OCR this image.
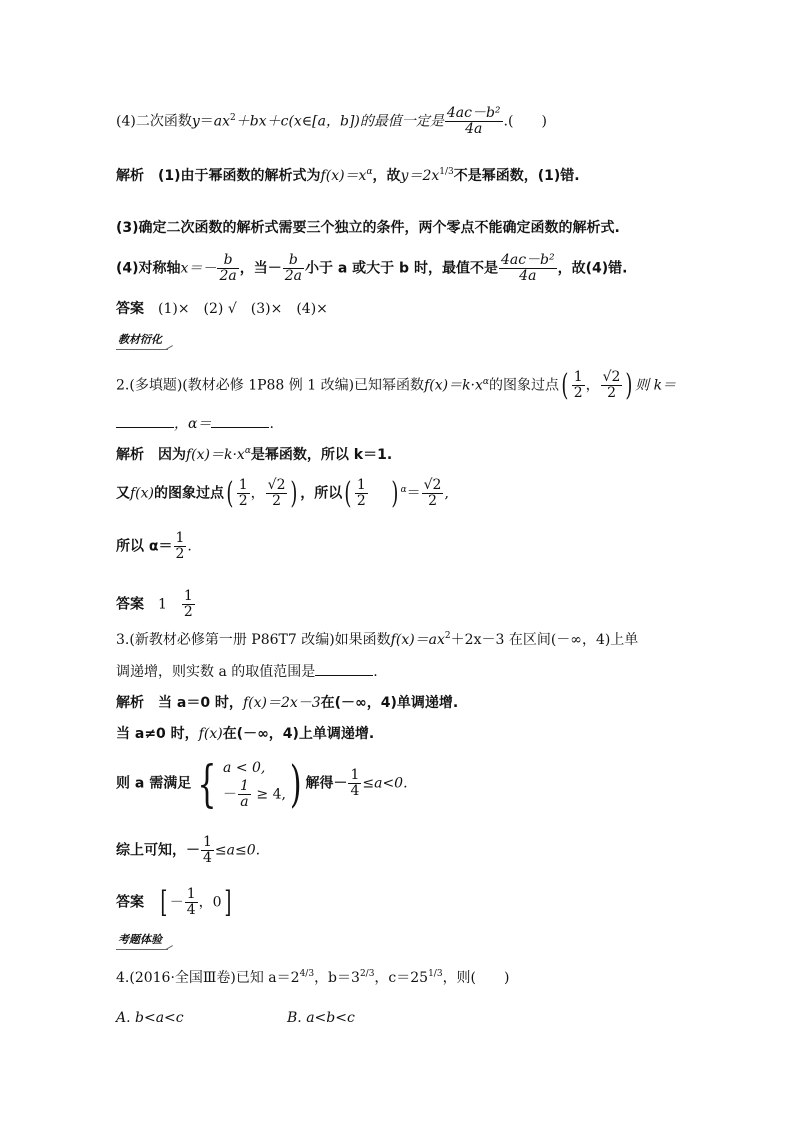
(4)二次函数$y=ax^2+bx+c(x\in[a$，b])的最值一定是 $\frac{\text{4ac－b²}}{4a}$ .(　　)
解析　 (1)由于幂函数的解析式为$f(x)=x^\alpha$，故$y=2x^{1/3}$不是幂函数，(1)错.
(3)确定二次函数的解析式需要三个独立的条件，两个零点不能确定函数的解析式.
(4)对称轴$x=- \frac{b}{2a}$ ，当－ $\frac{b}{2a}$ 小于 a 或大于 b 时，最值不是 $\frac{\text{4ac－b²}}{4a}$ ，故(4)错.
答案　 (1)×　(2) √　(3)×　(4)×
教材衍化
2.(多填题)(教材必修 1P88 例 1 改编)已知幂函数$f(x)=k\cdot x^\alpha$的图象过点( $\frac{1}{2}$ ， $\frac{√2}{2}$ ) 则 k＝
，α＝	.
解析　 因为$f(x)=k\cdot x^\alpha$是幂函数，所以 k＝1.
又f(x)的图象过点( $\frac{1}{2}$ ， $\frac{√2}{2}$ ) ，所以( $\frac{1}{2}$ ) $^\alpha= \frac{√2}{2}$ ,
所以 $\alpha= \frac{1}{2}$ .
答案　 1　 $\frac{1}{2}$
3.(新教材必修第一册 P86T7 改编)如果函数$f(x)=ax^2+2x-3$ 在区间(－∞，4)上单
调递增，则实数 a 的取值范围是	.
解析　 当 a＝0 时，f(x)＝2x－3在(－∞，4)单调递增.
当 a≠0 时，f(x)在(－∞，4)上单调递增.
则 a 需满足 { a < 0,
－ $\frac{1}{a} \ge 4$, ) 解得－ $\frac{1}{4} \le a<0$.
综上可知，－ $\frac{1}{4} \le a\le 0$.
答案　 [ － $\frac{1}{4}$ ，0]
考题体验
4.(2016·全国Ⅲ卷)已知 $a=2^{4/3}$，$b=3^{2/3}$，$c=25^{1/3}$，则(　　)
A. b<a<c	B. a<b<c
